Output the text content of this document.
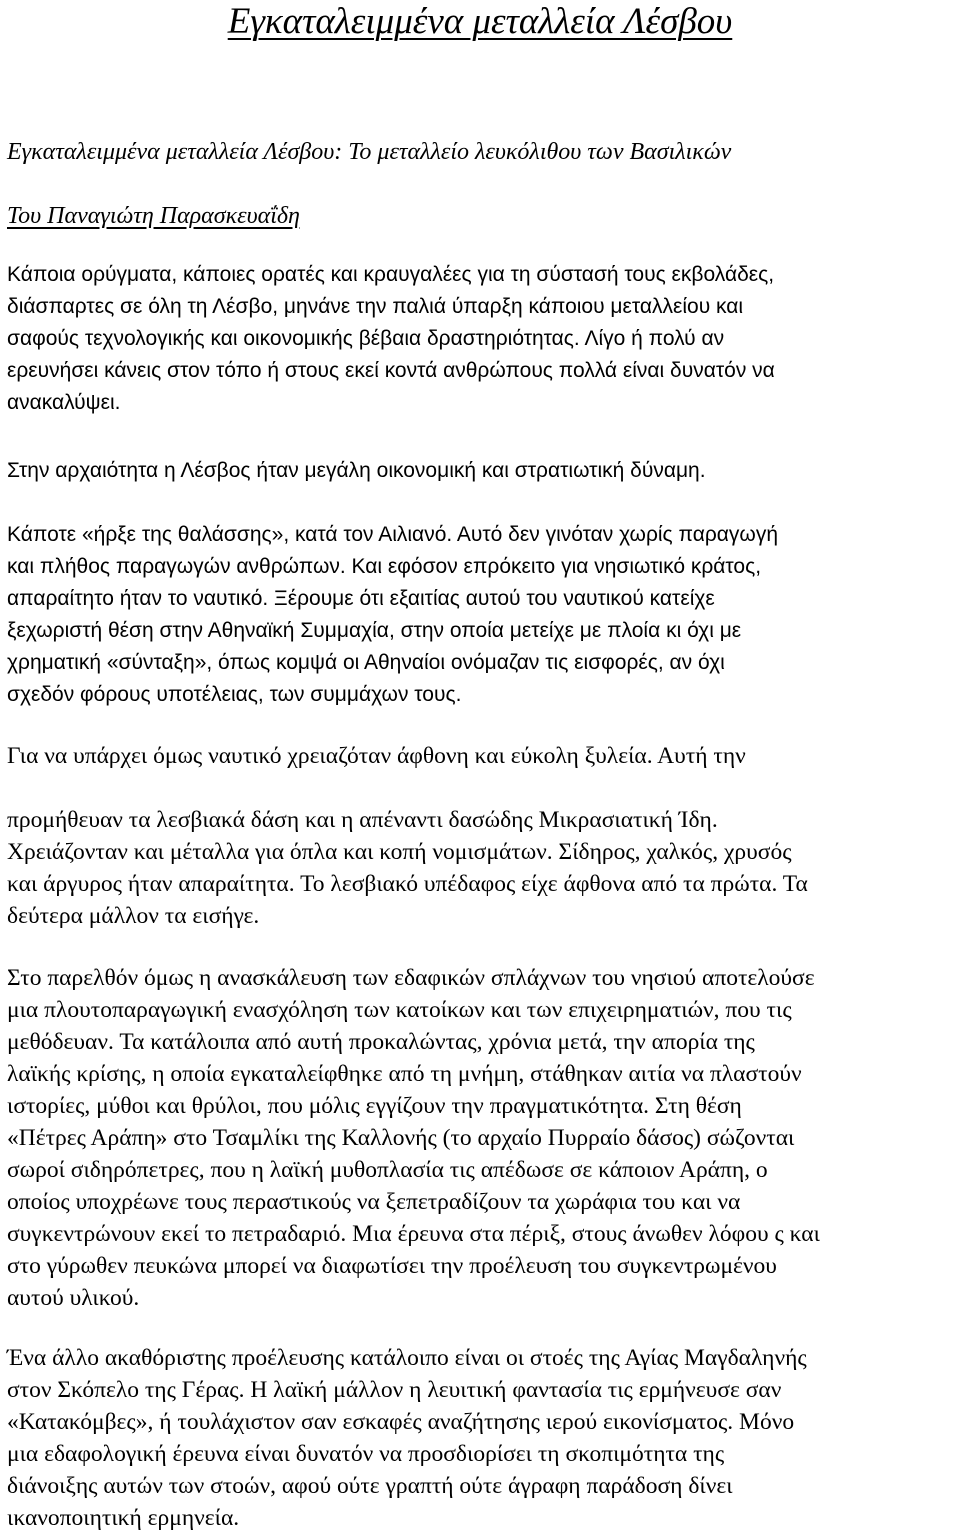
Εγκαταλειμμένα μεταλλεία Λέσβου

Εγκαταλειμμένα μεταλλεία Λέσβου: Το μεταλλείο λευκόλιθου των Βασιλικών

Του Παναγιώτη Παρασκευαΐδη

Κάποια ορύγματα, κάποιες ορατές και κραυγαλέες για τη σύστασή τους εκβολάδες,
διάσπαρτες σε όλη τη Λέσβο, μηνάνε την παλιά ύπαρξη κάποιου μεταλλείου και
σαφούς τεχνολογικής και οικονομικής βέβαια δραστηριότητας. Λίγο ή πολύ αν
ερευνήσει κάνεις στον τόπο ή στους εκεί κοντά ανθρώπους πολλά είναι δυνατόν να
ανακαλύψει.
Στην αρχαιότητα η Λέσβος ήταν μεγάλη οικονομική και στρατιωτική δύναμη.
Κάποτε «ήρξε της θαλάσσης», κατά τον Αιλιανό. Αυτό δεν γινόταν χωρίς παραγωγή
και πλήθος παραγωγών ανθρώπων. Και εφόσον επρόκειτο για νησιωτικό κράτος,
απαραίτητο ήταν το ναυτικό. Ξέρουμε ότι εξαιτίας αυτού του ναυτικού κατείχε
ξεχωριστή θέση στην Αθηναϊκή Συμμαχία, στην οποία μετείχε με πλοία κι όχι με
χρηματική «σύνταξη», όπως κομψά οι Αθηναίοι ονόμαζαν τις εισφορές, αν όχι
σχεδόν φόρους υποτέλειας, των συμμάχων τους.
Για να υπάρχει όμως ναυτικό χρειαζόταν άφθονη και εύκολη ξυλεία. Αυτή την
προμήθευαν τα λεσβιακά δάση και η απέναντι δασώδης Μικρασιατική Ίδη.
Χρειάζονταν και μέταλλα για όπλα και κοπή νομισμάτων. Σίδηρος, χαλκός, χρυσός
και άργυρος ήταν απαραίτητα. Το λεσβιακό υπέδαφος είχε άφθονα από τα πρώτα. Τα
δεύτερα μάλλον τα εισήγε.
Στο παρελθόν όμως η ανασκάλευση των εδαφικών σπλάχνων του νησιού αποτελούσε
μια πλουτοπαραγωγική ενασχόληση των κατοίκων και των επιχειρηματιών, που τις
μεθόδευαν. Τα κατάλοιπα από αυτή προκαλώντας, χρόνια μετά, την απορία της
λαϊκής κρίσης, η οποία εγκαταλείφθηκε από τη μνήμη, στάθηκαν αιτία να πλαστούν
ιστορίες, μύθοι και θρύλοι, που μόλις εγγίζουν την πραγματικότητα. Στη θέση
«Πέτρες Αράπη» στο Τσαμλίκι της Καλλονής (το αρχαίο Πυρραίο δάσος) σώζονται
σωροί σιδηρόπετρες, που η λαϊκή μυθοπλασία τις απέδωσε σε κάποιον Αράπη, ο
οποίος υποχρέωνε τους περαστικούς να ξεπετραδίζουν τα χωράφια του και να
συγκεντρώνουν εκεί το πετραδαριό. Μια έρευνα στα πέριξ, στους άνωθεν λόφου ς και
στο γύρωθεν πευκώνα μπορεί να διαφωτίσει την προέλευση του συγκεντρωμένου
αυτού υλικού.
Ένα άλλο ακαθόριστης προέλευσης κατάλοιπο είναι οι στοές της Αγίας Μαγδαληνής
στον Σκόπελο της Γέρας. Η λαϊκή μάλλον η λευιτική φαντασία τις ερμήνευσε σαν
«Κατακόμβες», ή τουλάχιστον σαν εσκαφές αναζήτησης ιερού εικονίσματος. Μόνο
μια εδαφολογική έρευνα είναι δυνατόν να προσδιορίσει τη σκοπιμότητα της
διάνοιξης αυτών των στοών, αφού ούτε γραπτή ούτε άγραφη παράδοση δίνει
ικανοποιητική ερμηνεία.
